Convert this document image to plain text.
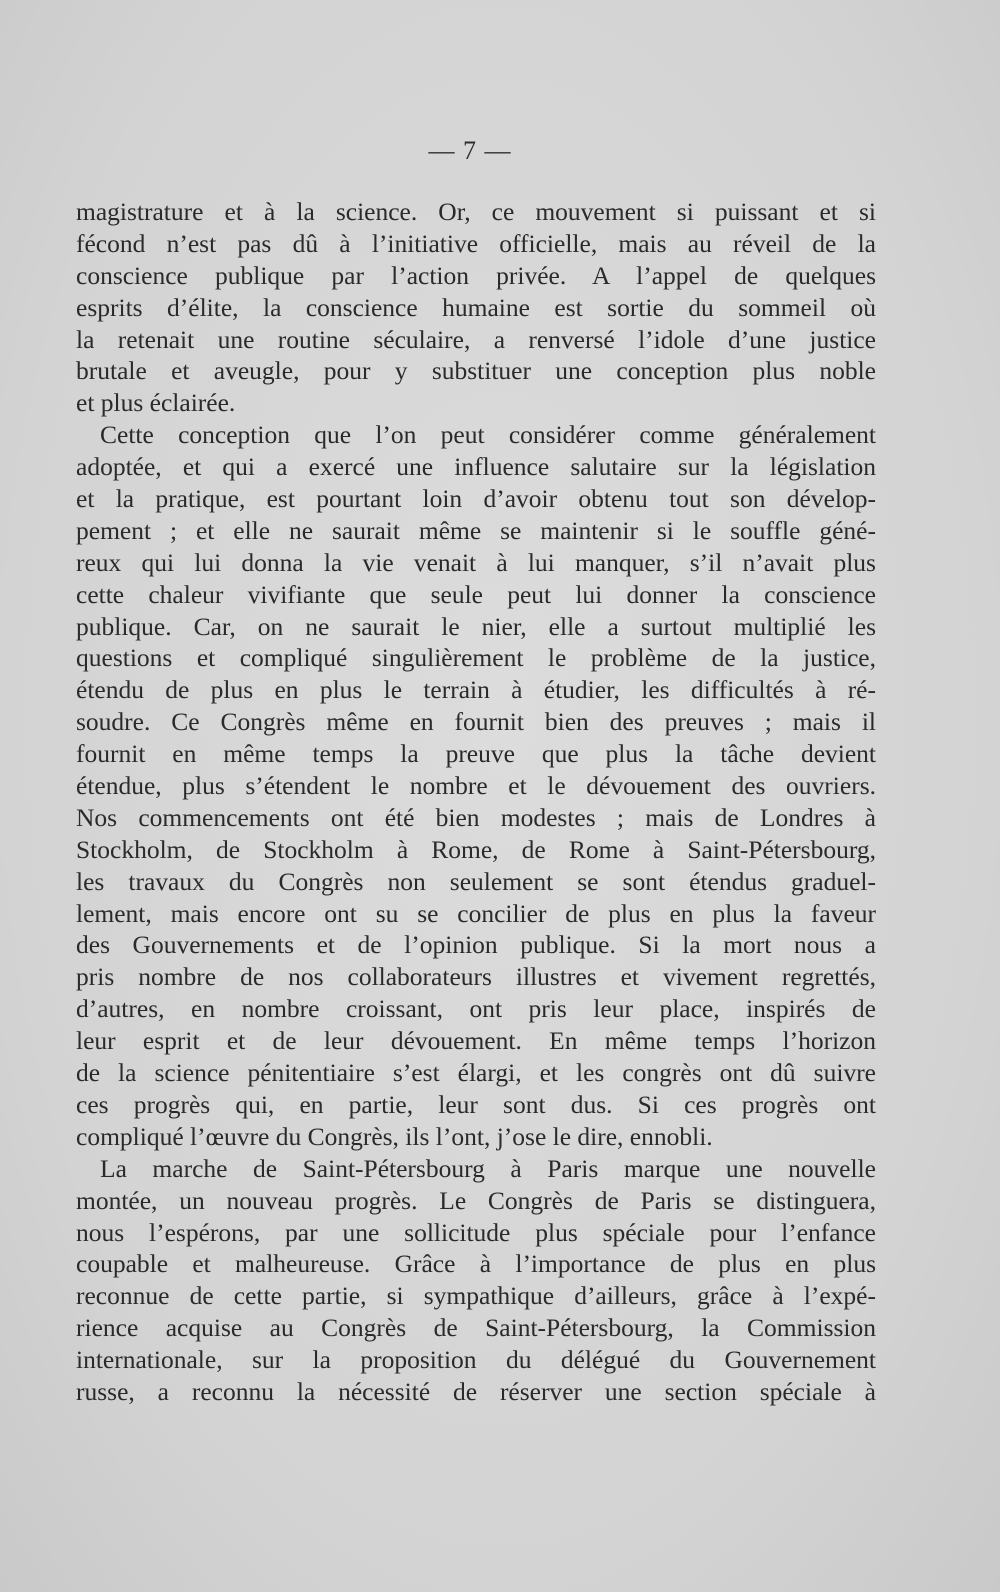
— 7 —

magistrature et à la science. Or, ce mouvement si puissant et si
fécond n’est pas dû à l’initiative officielle, mais au réveil de la
conscience publique par l’action privée. A l’appel de quelques
esprits d’élite, la conscience humaine est sortie du sommeil où
la retenait une routine séculaire, a renversé l’idole d’une justice
brutale et aveugle, pour y substituer une conception plus noble
et plus éclairée.

Cette conception que l’on peut considérer comme généralement
adoptée, et qui a exercé une influence salutaire sur la législation
et la pratique, est pourtant loin d’avoir obtenu tout son dévelop-
pement ; et elle ne saurait même se maintenir si le souffle géné-
reux qui lui donna la vie venait à lui manquer, s’il n’avait plus
cette chaleur vivifiante que seule peut lui donner la conscience
publique. Car, on ne saurait le nier, elle a surtout multiplié les
questions et compliqué singulièrement le problème de la justice,
étendu de plus en plus le terrain à étudier, les difficultés à ré-
soudre. Ce Congrès même en fournit bien des preuves ; mais il
fournit en même temps la preuve que plus la tâche devient
étendue, plus s’étendent le nombre et le dévouement des ouvriers.
Nos commencements ont été bien modestes ; mais de Londres à
Stockholm, de Stockholm à Rome, de Rome à Saint-Pétersbourg,
les travaux du Congrès non seulement se sont étendus graduel-
lement, mais encore ont su se concilier de plus en plus la faveur
des Gouvernements et de l’opinion publique. Si la mort nous a
pris nombre de nos collaborateurs illustres et vivement regrettés,
d’autres, en nombre croissant, ont pris leur place, inspirés de
leur esprit et de leur dévouement. En même temps l’horizon
de la science pénitentiaire s’est élargi, et les congrès ont dû suivre
ces progrès qui, en partie, leur sont dus. Si ces progrès ont
compliqué l’œuvre du Congrès, ils l’ont, j’ose le dire, ennobli.

La marche de Saint-Pétersbourg à Paris marque une nouvelle
montée, un nouveau progrès. Le Congrès de Paris se distinguera,
nous l’espérons, par une sollicitude plus spéciale pour l’enfance
coupable et malheureuse. Grâce à l’importance de plus en plus
reconnue de cette partie, si sympathique d’ailleurs, grâce à l’expé-
rience acquise au Congrès de Saint-Pétersbourg, la Commission
internationale, sur la proposition du délégué du Gouvernement
russe, a reconnu la nécessité de réserver une section spéciale à
